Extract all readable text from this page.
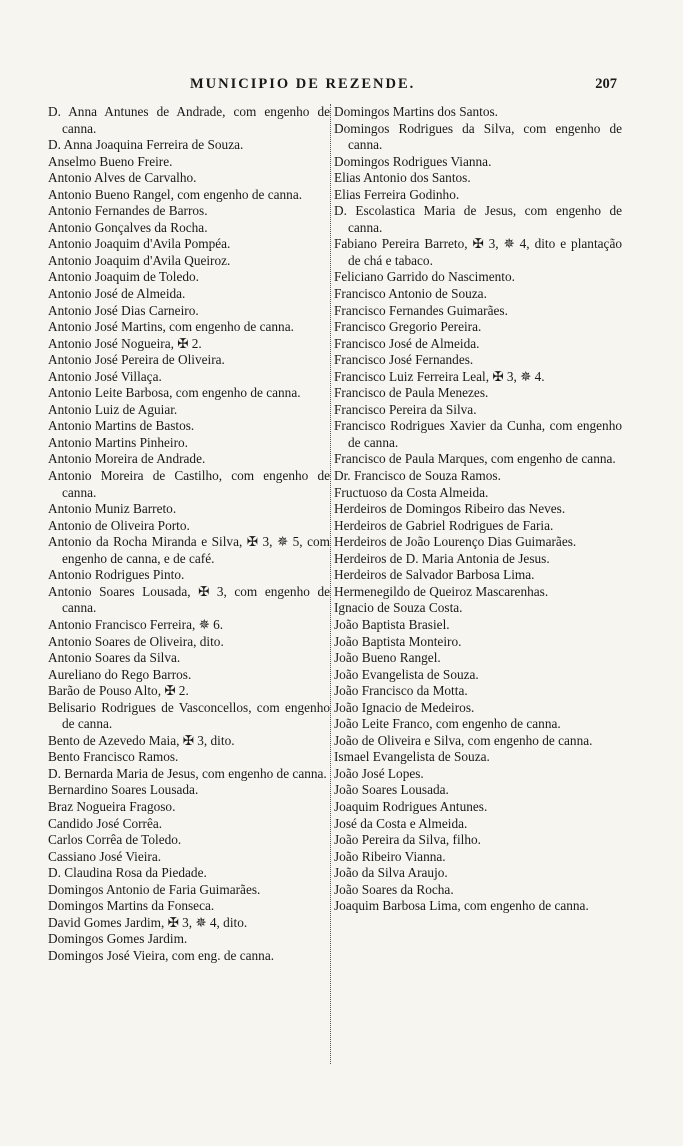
MUNICIPIO DE REZENDE.	207
D. Anna Antunes de Andrade, com engenho de canna.
D. Anna Joaquina Ferreira de Souza.
Anselmo Bueno Freire.
Antonio Alves de Carvalho.
Antonio Bueno Rangel, com engenho de canna.
Antonio Fernandes de Barros.
Antonio Gonçalves da Rocha.
Antonio Joaquim d'Avila Pompéa.
Antonio Joaquim d'Avila Queiroz.
Antonio Joaquim de Toledo.
Antonio José de Almeida.
Antonio José Dias Carneiro.
Antonio José Martins, com engenho de canna.
Antonio José Nogueira, ✠ 2.
Antonio José Pereira de Oliveira.
Antonio José Villaça.
Antonio Leite Barbosa, com engenho de canna.
Antonio Luiz de Aguiar.
Antonio Martins de Bastos.
Antonio Martins Pinheiro.
Antonio Moreira de Andrade.
Antonio Moreira de Castilho, com engenho de canna.
Antonio Muniz Barreto.
Antonio de Oliveira Porto.
Antonio da Rocha Miranda e Silva, ✠ 3, ✵ 5, com engenho de canna, e de café.
Antonio Rodrigues Pinto.
Antonio Soares Lousada, ✠ 3, com engenho de canna.
Antonio Francisco Ferreira, ✵ 6.
Antonio Soares de Oliveira, dito.
Antonio Soares da Silva.
Aureliano do Rego Barros.
Barão de Pouso Alto, ✠ 2.
Belisario Rodrigues de Vasconcellos, com engenho de canna.
Bento de Azevedo Maia, ✠ 3, dito.
Bento Francisco Ramos.
D. Bernarda Maria de Jesus, com engenho de canna.
Bernardino Soares Lousada.
Braz Nogueira Fragoso.
Candido José Corrêa.
Carlos Corrêa de Toledo.
Cassiano José Vieira.
D. Claudina Rosa da Piedade.
Domingos Antonio de Faria Guimarães.
Domingos Martins da Fonseca.
David Gomes Jardim, ✠ 3, ✵ 4, dito.
Domingos Gomes Jardim.
Domingos José Vieira, com eng. de canna.
Domingos Martins dos Santos.
Domingos Rodrigues da Silva, com engenho de canna.
Domingos Rodrigues Vianna.
Elias Antonio dos Santos.
Elias Ferreira Godinho.
D. Escolastica Maria de Jesus, com engenho de canna.
Fabiano Pereira Barreto, ✠ 3, ✵ 4, dito e plantação de chá e tabaco.
Feliciano Garrido do Nascimento.
Francisco Antonio de Souza.
Francisco Fernandes Guimarães.
Francisco Gregorio Pereira.
Francisco José de Almeida.
Francisco José Fernandes.
Francisco Luiz Ferreira Leal, ✠ 3, ✵ 4.
Francisco de Paula Menezes.
Francisco Pereira da Silva.
Francisco Rodrigues Xavier da Cunha, com engenho de canna.
Francisco de Paula Marques, com engenho de canna.
Dr. Francisco de Souza Ramos.
Fructuoso da Costa Almeida.
Herdeiros de Domingos Ribeiro das Neves.
Herdeiros de Gabriel Rodrigues de Faria.
Herdeiros de João Lourenço Dias Guimarães.
Herdeiros de D. Maria Antonia de Jesus.
Herdeiros de Salvador Barbosa Lima.
Hermenegildo de Queiroz Mascarenhas.
Ignacio de Souza Costa.
João Baptista Brasiel.
João Baptista Monteiro.
João Bueno Rangel.
João Evangelista de Souza.
João Francisco da Motta.
João Ignacio de Medeiros.
João Leite Franco, com engenho de canna.
João de Oliveira e Silva, com engenho de canna.
Ismael Evangelista de Souza.
João José Lopes.
João Soares Lousada.
Joaquim Rodrigues Antunes.
José da Costa e Almeida.
João Pereira da Silva, filho.
João Ribeiro Vianna.
João da Silva Araujo.
João Soares da Rocha.
Joaquim Barbosa Lima, com engenho de canna.
